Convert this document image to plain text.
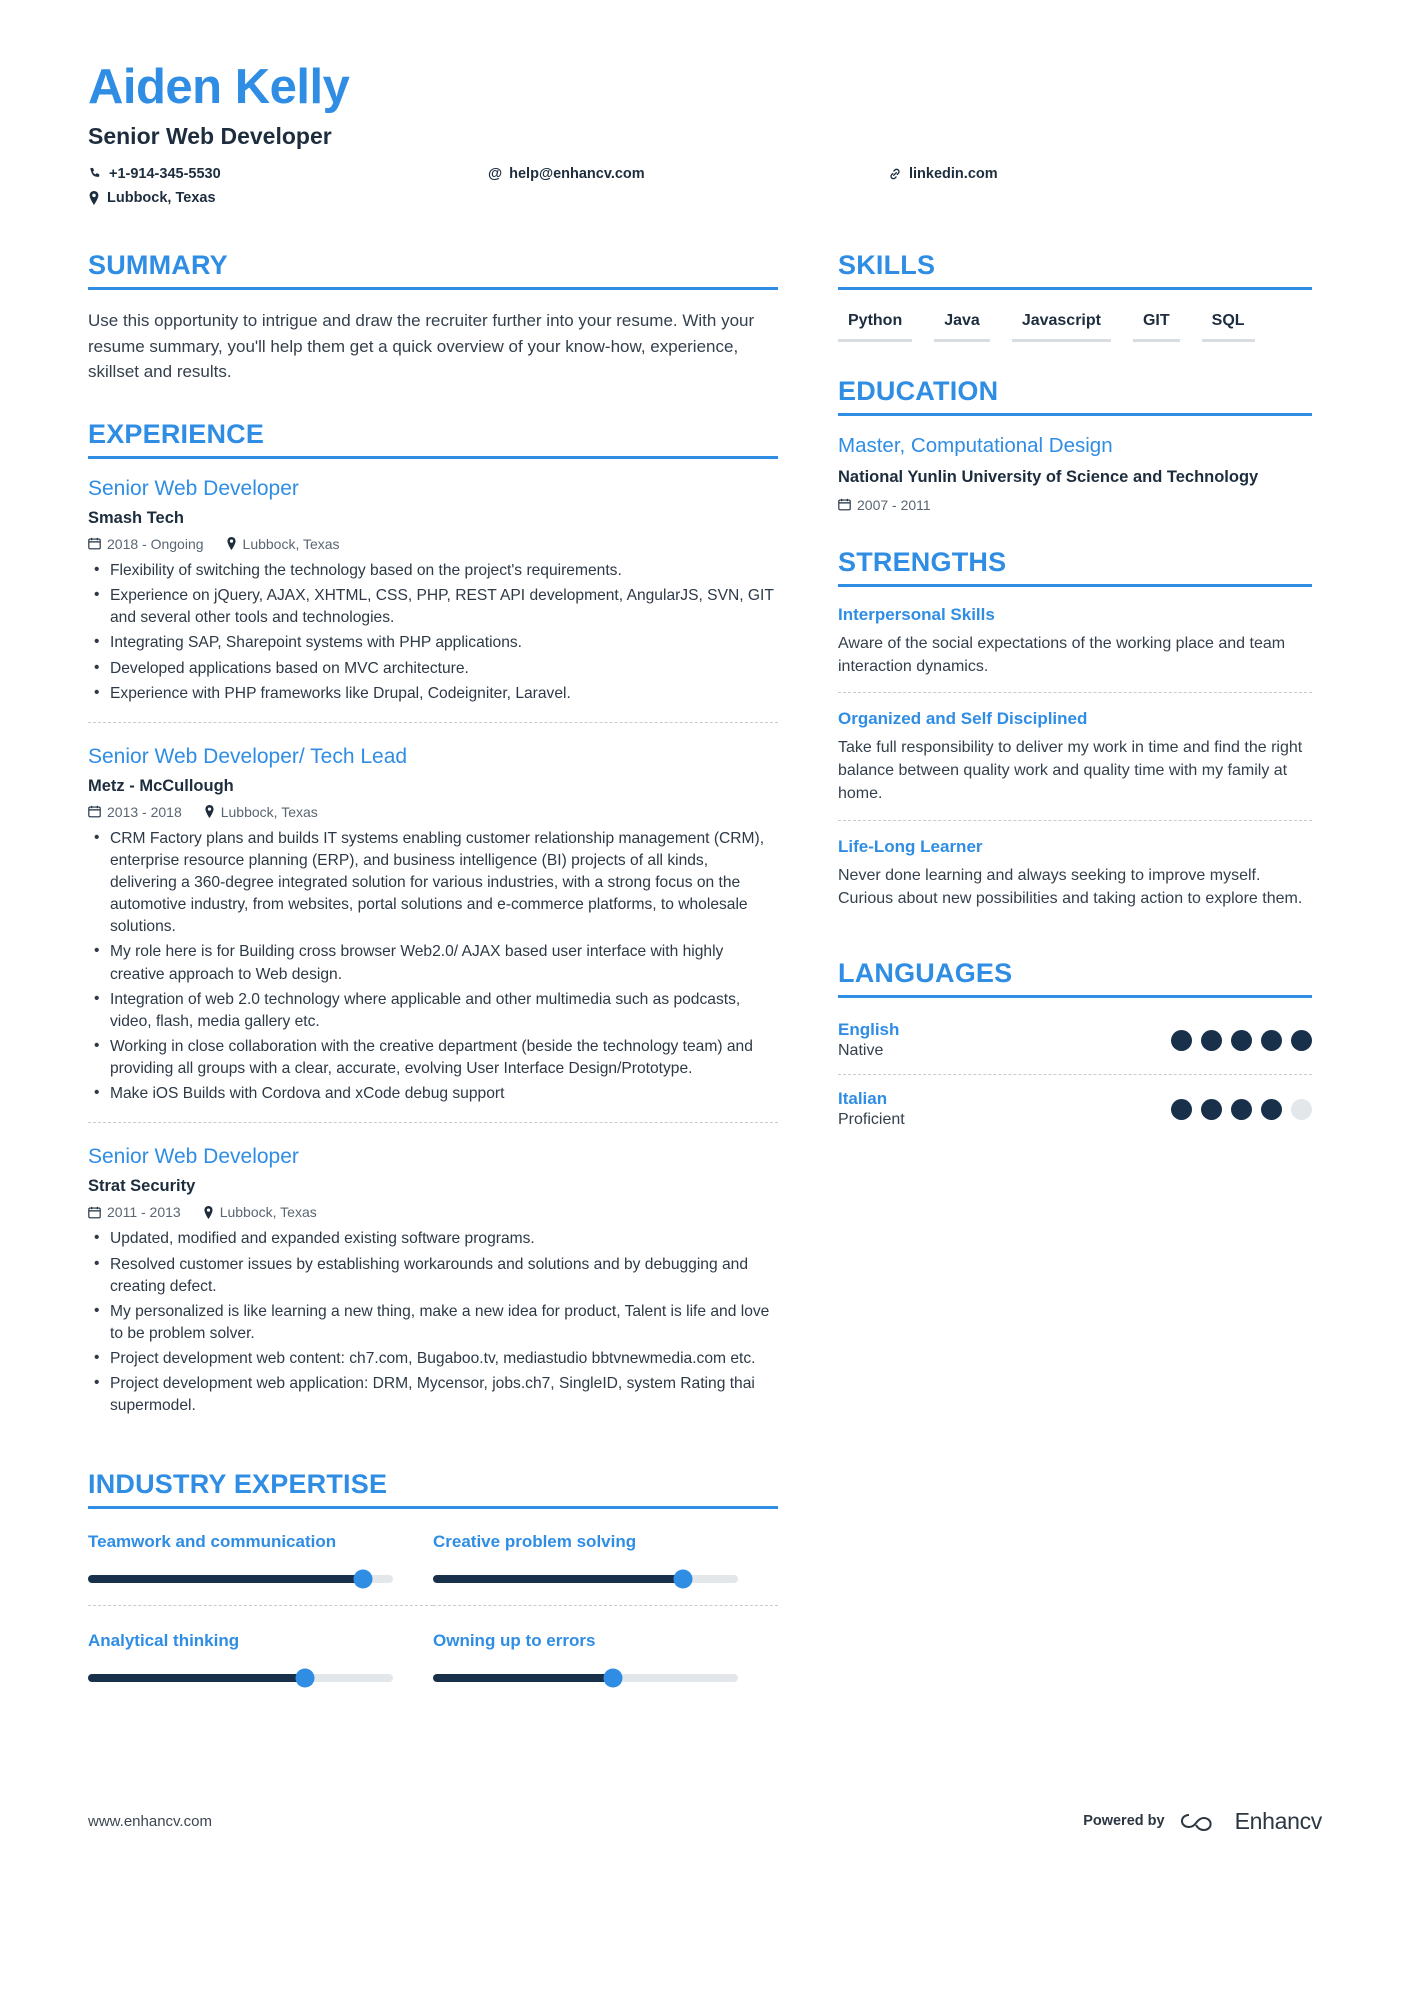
Aiden Kelly
Senior Web Developer
+1-914-345-5530	@ help@enhancv.com	linkedin.com
Lubbock, Texas
SUMMARY
Use this opportunity to intrigue and draw the recruiter further into your resume. With your resume summary, you'll help them get a quick overview of your know-how, experience, skillset and results.
EXPERIENCE
Senior Web Developer
Smash Tech
2018 - Ongoing	Lubbock, Texas
• Flexibility of switching the technology based on the project's requirements.
• Experience on jQuery, AJAX, XHTML, CSS, PHP, REST API development, AngularJS, SVN, GIT and several other tools and technologies.
• Integrating SAP, Sharepoint systems with PHP applications.
• Developed applications based on MVC architecture.
• Experience with PHP frameworks like Drupal, Codeigniter, Laravel.
Senior Web Developer/ Tech Lead
Metz - McCullough
2013 - 2018	Lubbock, Texas
• CRM Factory plans and builds IT systems enabling customer relationship management (CRM), enterprise resource planning (ERP), and business intelligence (BI) projects of all kinds, delivering a 360-degree integrated solution for various industries, with a strong focus on the automotive industry, from websites, portal solutions and e-commerce platforms, to wholesale solutions.
• My role here is for Building cross browser Web2.0/ AJAX based user interface with highly creative approach to Web design.
• Integration of web 2.0 technology where applicable and other multimedia such as podcasts, video, flash, media gallery etc.
• Working in close collaboration with the creative department (beside the technology team) and providing all groups with a clear, accurate, evolving User Interface Design/Prototype.
• Make iOS Builds with Cordova and xCode debug support
Senior Web Developer
Strat Security
2011 - 2013	Lubbock, Texas
• Updated, modified and expanded existing software programs.
• Resolved customer issues by establishing workarounds and solutions and by debugging and creating defect.
• My personalized is like learning a new thing, make a new idea for product, Talent is life and love to be problem solver.
• Project development web content: ch7.com, Bugaboo.tv, mediastudio bbtvnewmedia.com etc.
• Project development web application: DRM, Mycensor, jobs.ch7, SingleID, system Rating thai supermodel.
INDUSTRY EXPERTISE
Teamwork and communication	Creative problem solving
Analytical thinking	Owning up to errors
SKILLS
Python	Java	Javascript	GIT	SQL
EDUCATION
Master, Computational Design
National Yunlin University of Science and Technology
2007 - 2011
STRENGTHS
Interpersonal Skills
Aware of the social expectations of the working place and team interaction dynamics.
Organized and Self Disciplined
Take full responsibility to deliver my work in time and find the right balance between quality work and quality time with my family at home.
Life-Long Learner
Never done learning and always seeking to improve myself. Curious about new possibilities and taking action to explore them.
LANGUAGES
English
Native
Italian
Proficient
www.enhancv.com	Powered by	Enhancv
